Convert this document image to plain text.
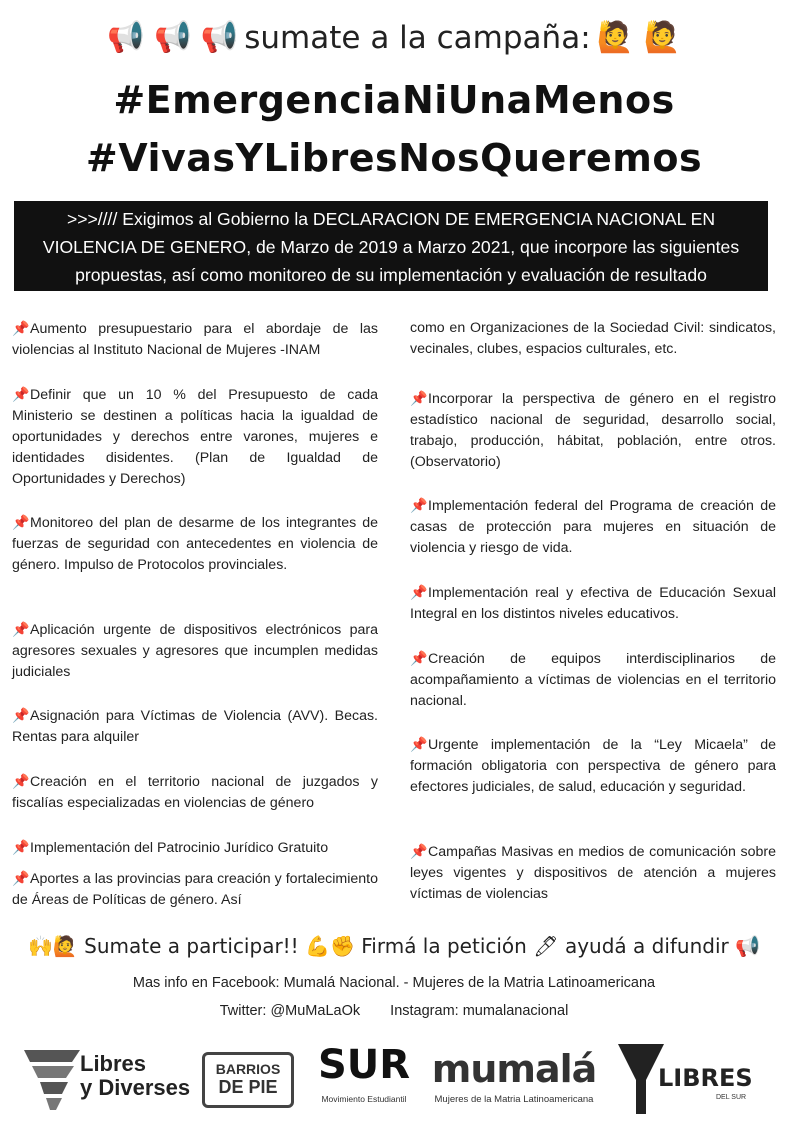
📢 📢 📢 sumate a la campaña: 🙋 🙋
#EmergenciaNiUnaMenos
#VivasYLibresNosQueremos
>>>//// Exigimos al Gobierno la DECLARACION DE EMERGENCIA NACIONAL EN
VIOLENCIA DE GENERO, de Marzo de 2019 a Marzo 2021, que incorpore las siguientes
propuestas, así como monitoreo de su implementación y evaluación de resultado
📌Aumento presupuestario para el abordaje de las violencias al Instituto Nacional de Mujeres -INAM
📌Definir que un 10 % del Presupuesto de cada Ministerio se destinen a políticas hacia la igualdad de oportunidades y derechos entre varones, mujeres e identidades disidentes. (Plan de Igualdad de Oportunidades y Derechos)
📌Monitoreo del plan de desarme de los integrantes de fuerzas de seguridad con antecedentes en violencia de género. Impulso de Protocolos provinciales.
📌Aplicación urgente de dispositivos electrónicos para agresores sexuales y agresores que incumplen medidas judiciales
📌Asignación para Víctimas de Violencia (AVV). Becas. Rentas para alquiler
📌Creación en el territorio nacional de juzgados y fiscalías especializadas en violencias de género
📌Implementación del Patrocinio Jurídico Gratuito
📌Aportes a las provincias para creación y fortalecimiento de Áreas de Políticas de género. Así
como en Organizaciones de la Sociedad Civil: sindicatos, vecinales, clubes, espacios culturales, etc.
📌Incorporar la perspectiva de género en el registro estadístico nacional de seguridad, desarrollo social, trabajo, producción, hábitat, población, entre otros. (Observatorio)
📌Implementación federal del Programa de creación de casas de protección para mujeres en situación de violencia y riesgo de vida.
📌Implementación real y efectiva de Educación Sexual Integral en los distintos niveles educativos.
📌Creación de equipos interdisciplinarios de acompañamiento a víctimas de violencias en el territorio nacional.
📌Urgente implementación de la “Ley Micaela” de formación obligatoria con perspectiva de género para efectores judiciales, de salud, educación y seguridad.
📌Campañas Masivas en medios de comunicación sobre leyes vigentes y dispositivos de atención a mujeres víctimas de violencias
🙌🙋 Sumate a participar!! 💪✊ Firmá la petición 🖊 ayudá a difundir 📢
Mas info en Facebook: Mumalá Nacional. - Mujeres de la Matria Latinoamericana
Twitter: @MuMaLaOk Instagram: mumalanacional
Libres
y Diverses
BARRIOS
DE PIE	SUR
Movimiento Estudiantil
mumalá
Mujeres de la Matria Latinoamericana
LIBRES
DEL SUR
